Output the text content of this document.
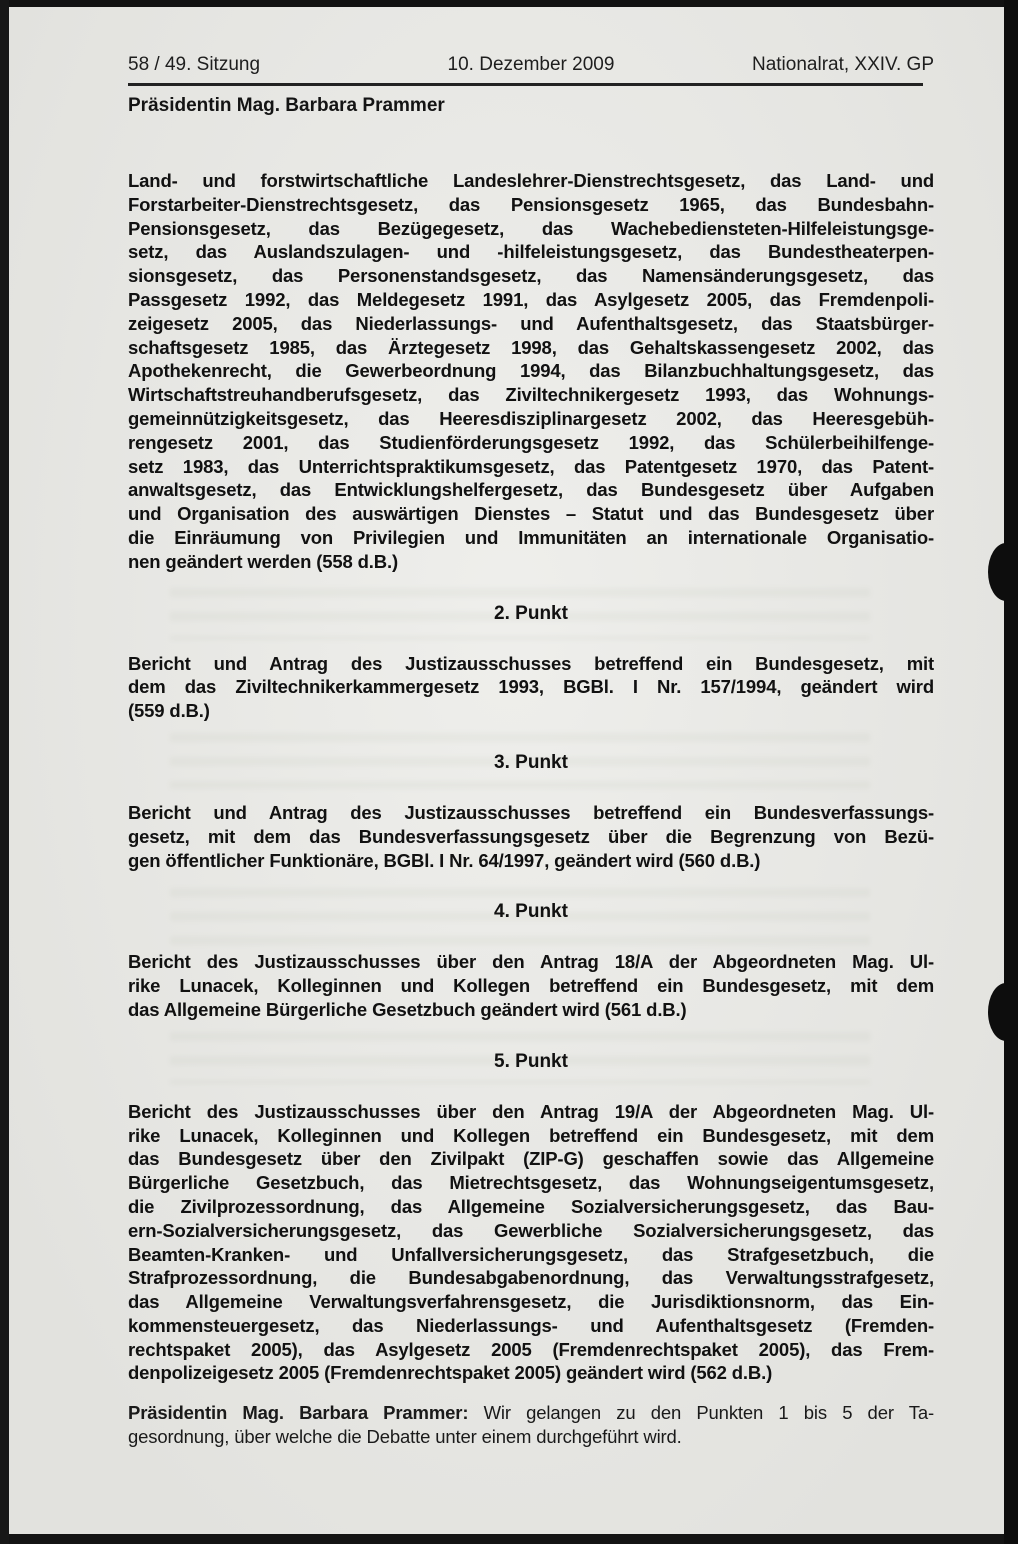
58 / 49. Sitzung	10. Dezember 2009	Nationalrat, XXIV. GP
Präsidentin Mag. Barbara Prammer
Land- und forstwirtschaftliche Landeslehrer-Dienstrechtsgesetz, das Land- und
Forstarbeiter-Dienstrechtsgesetz, das Pensionsgesetz 1965, das Bundesbahn-
Pensionsgesetz, das Bezügegesetz, das Wachebediensteten-Hilfeleistungsge-
setz, das Auslandszulagen- und -hilfeleistungsgesetz, das Bundestheaterpen-
sionsgesetz, das Personenstandsgesetz, das Namensänderungsgesetz, das
Passgesetz 1992, das Meldegesetz 1991, das Asylgesetz 2005, das Fremdenpoli-
zeigesetz 2005, das Niederlassungs- und Aufenthaltsgesetz, das Staatsbürger-
schaftsgesetz 1985, das Ärztegesetz 1998, das Gehaltskassengesetz 2002, das
Apothekenrecht, die Gewerbeordnung 1994, das Bilanzbuchhaltungsgesetz, das
Wirtschaftstreuhandberufsgesetz, das Ziviltechnikergesetz 1993, das Wohnungs-
gemeinnützigkeitsgesetz, das Heeresdisziplinargesetz 2002, das Heeresgebüh-
rengesetz 2001, das Studienförderungsgesetz 1992, das Schülerbeihilfenge-
setz 1983, das Unterrichtspraktikumsgesetz, das Patentgesetz 1970, das Patent-
anwaltsgesetz, das Entwicklungshelfergesetz, das Bundesgesetz über Aufgaben
und Organisation des auswärtigen Dienstes – Statut und das Bundesgesetz über
die Einräumung von Privilegien und Immunitäten an internationale Organisatio-
nen geändert werden (558 d.B.)
2. Punkt
Bericht und Antrag des Justizausschusses betreffend ein Bundesgesetz, mit
dem das Ziviltechnikerkammergesetz 1993, BGBl. I Nr. 157/1994, geändert wird
(559 d.B.)
3. Punkt
Bericht und Antrag des Justizausschusses betreffend ein Bundesverfassungs-
gesetz, mit dem das Bundesverfassungsgesetz über die Begrenzung von Bezü-
gen öffentlicher Funktionäre, BGBl. I Nr. 64/1997, geändert wird (560 d.B.)
4. Punkt
Bericht des Justizausschusses über den Antrag 18/A der Abgeordneten Mag. Ul-
rike Lunacek, Kolleginnen und Kollegen betreffend ein Bundesgesetz, mit dem
das Allgemeine Bürgerliche Gesetzbuch geändert wird (561 d.B.)
5. Punkt
Bericht des Justizausschusses über den Antrag 19/A der Abgeordneten Mag. Ul-
rike Lunacek, Kolleginnen und Kollegen betreffend ein Bundesgesetz, mit dem
das Bundesgesetz über den Zivilpakt (ZIP-G) geschaffen sowie das Allgemeine
Bürgerliche Gesetzbuch, das Mietrechtsgesetz, das Wohnungseigentumsgesetz,
die Zivilprozessordnung, das Allgemeine Sozialversicherungsgesetz, das Bau-
ern-Sozialversicherungsgesetz, das Gewerbliche Sozialversicherungsgesetz, das
Beamten-Kranken- und Unfallversicherungsgesetz, das Strafgesetzbuch, die
Strafprozessordnung, die Bundesabgabenordnung, das Verwaltungsstrafgesetz,
das Allgemeine Verwaltungsverfahrensgesetz, die Jurisdiktionsnorm, das Ein-
kommensteuergesetz, das Niederlassungs- und Aufenthaltsgesetz (Fremden-
rechtspaket 2005), das Asylgesetz 2005 (Fremdenrechtspaket 2005), das Frem-
denpolizeigesetz 2005 (Fremdenrechtspaket 2005) geändert wird (562 d.B.)
Präsidentin Mag. Barbara Prammer: Wir gelangen zu den Punkten 1 bis 5 der Ta-
gesordnung, über welche die Debatte unter einem durchgeführt wird.
